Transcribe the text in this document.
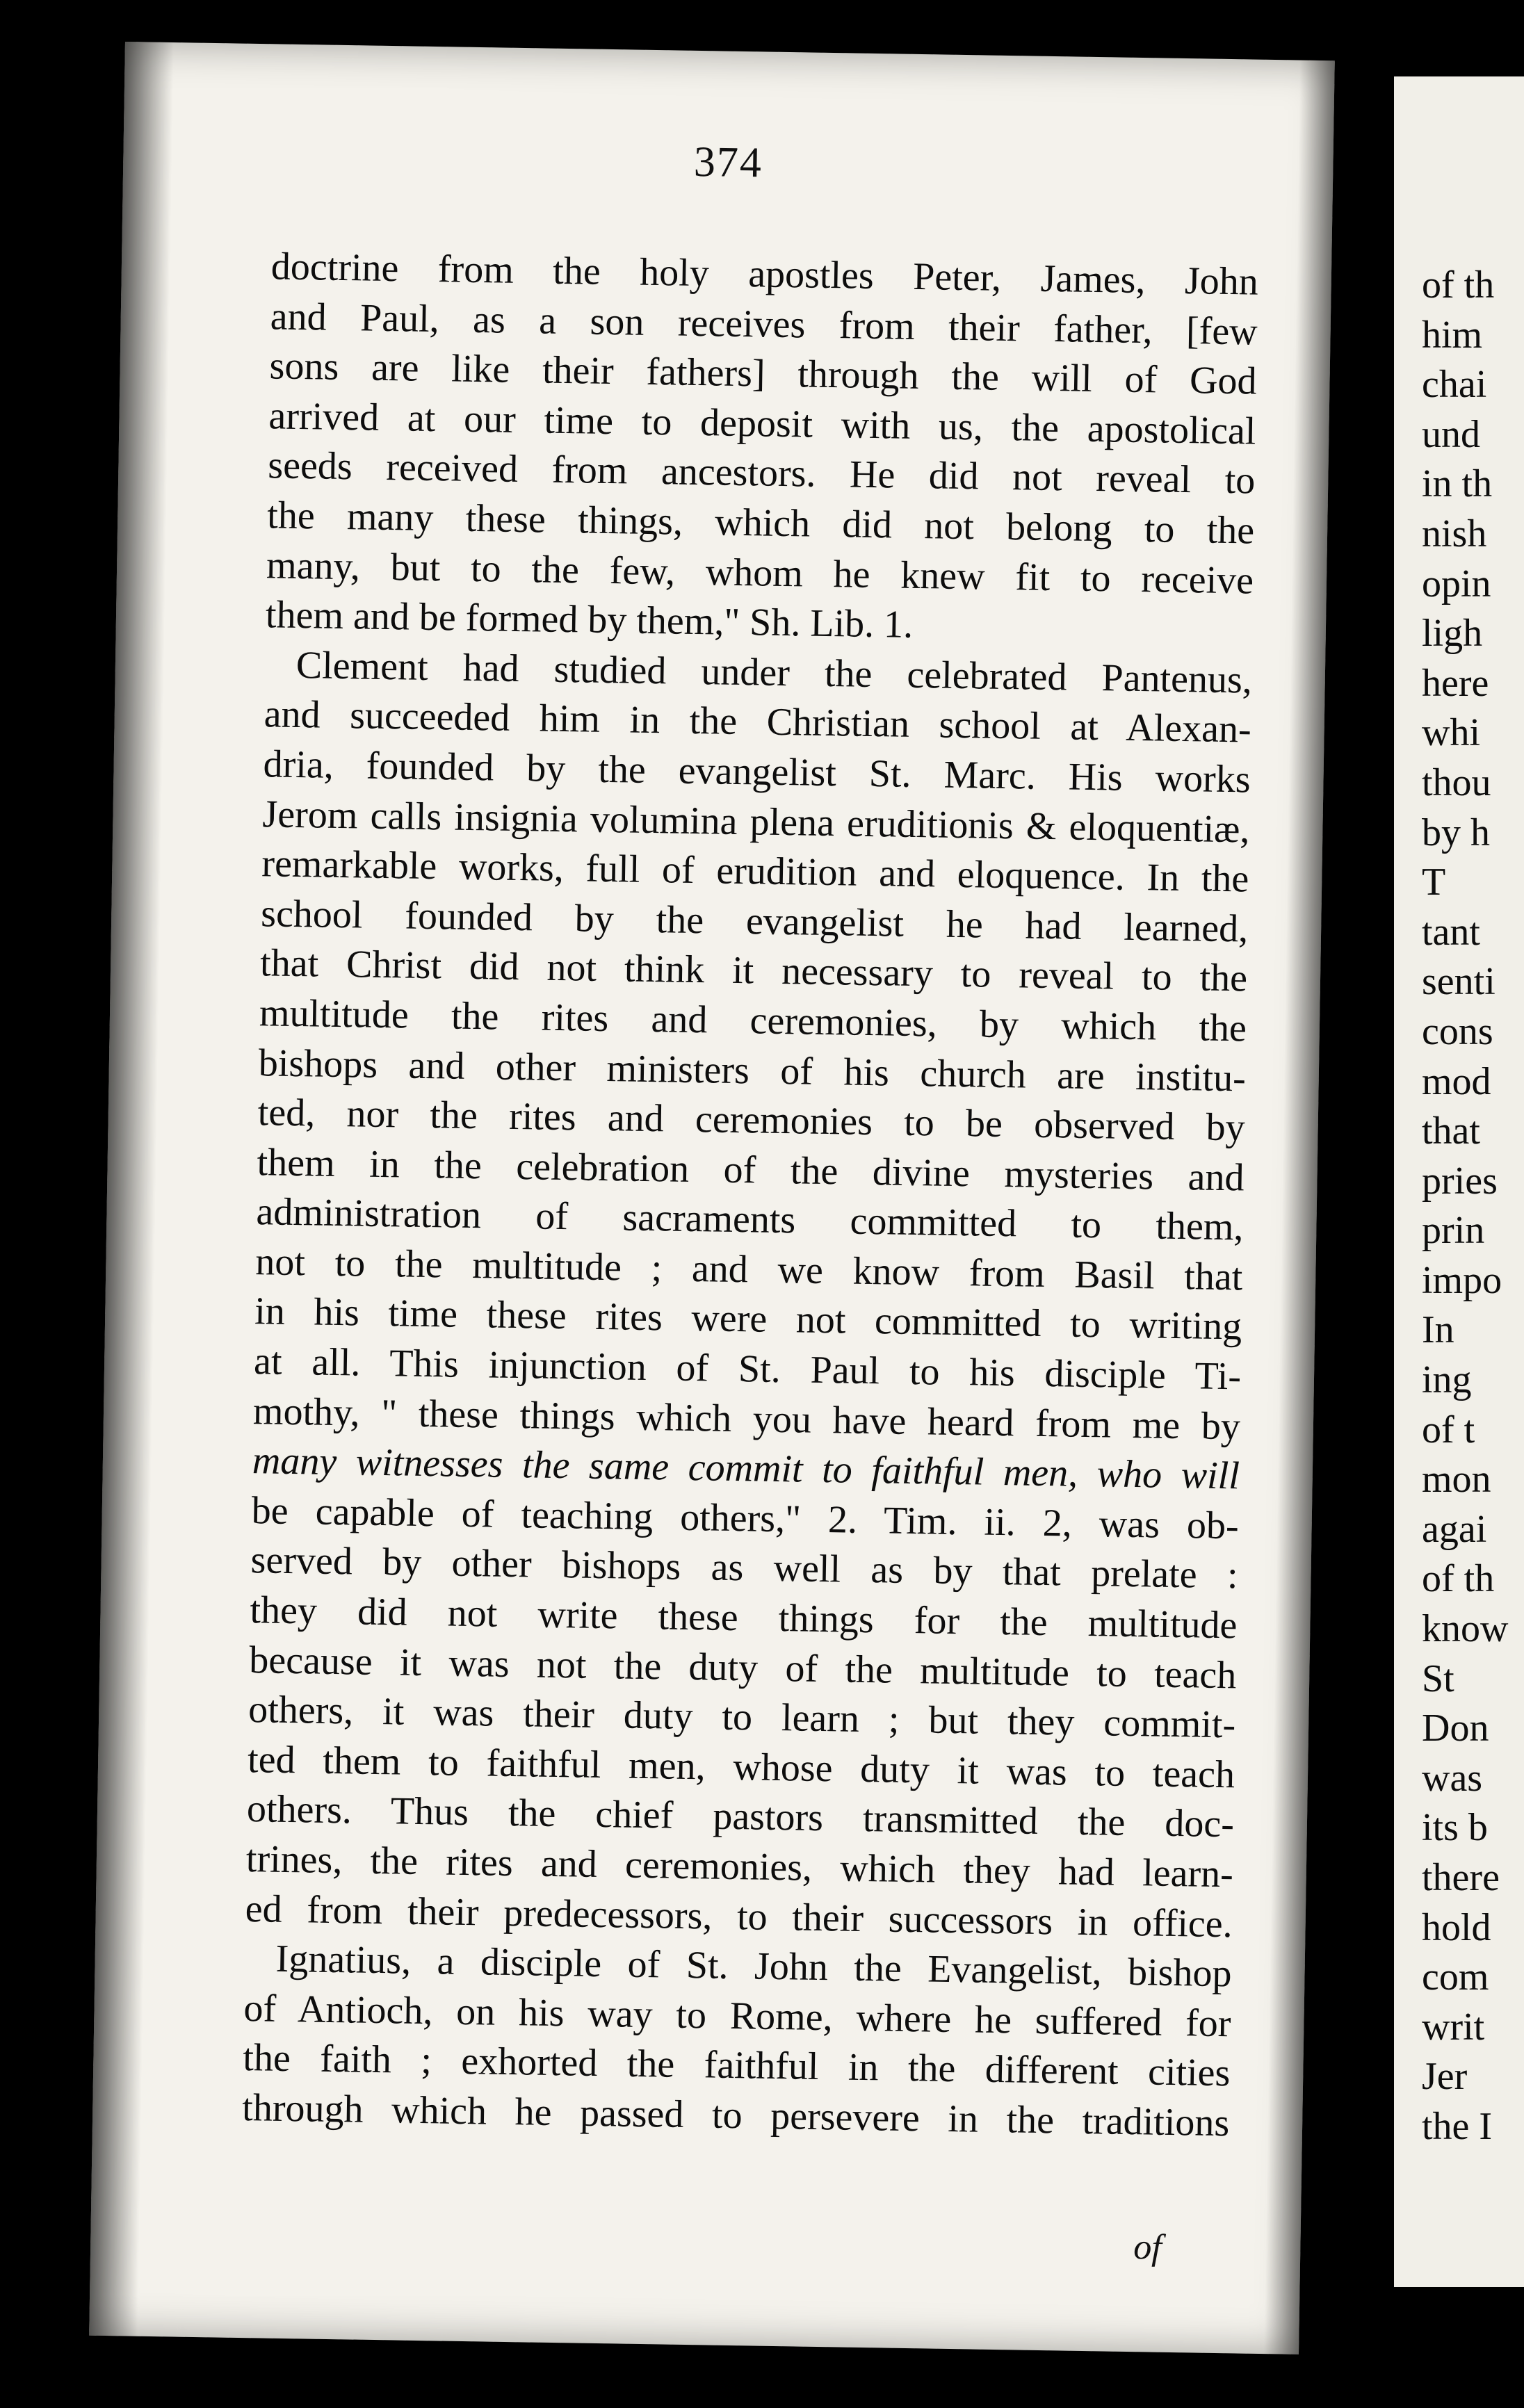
374
doctrine from the holy apostles Peter, James, John
and Paul, as a son receives from their father, [few
sons are like their fathers] through the will of God
arrived at our time to deposit with us, the apostolical
seeds received from ancestors. He did not reveal to
the many these things, which did not belong to the
many, but to the few, whom he knew fit to receive
them and be formed by them," Sh. Lib. 1.
Clement had studied under the celebrated Pantenus,
and succeeded him in the Christian school at Alexan-
dria, founded by the evangelist St. Marc. His works
Jerom calls insignia volumina plena eruditionis & eloquentiæ,
remarkable works, full of erudition and eloquence. In the
school founded by the evangelist he had learned,
that Christ did not think it necessary to reveal to the
multitude the rites and ceremonies, by which the
bishops and other ministers of his church are institu-
ted, nor the rites and ceremonies to be observed by
them in the celebration of the divine mysteries and
administration of sacraments committed to them,
not to the multitude ; and we know from Basil that
in his time these rites were not committed to writing
at all. This injunction of St. Paul to his disciple Ti-
mothy, " these things which you have heard from me by
many witnesses the same commit to faithful men, who will
be capable of teaching others," 2. Tim. ii. 2, was ob-
served by other bishops as well as by that prelate :
they did not write these things for the multitude
because it was not the duty of the multitude to teach
others, it was their duty to learn ; but they commit-
ted them to faithful men, whose duty it was to teach
others. Thus the chief pastors transmitted the doc-
trines, the rites and ceremonies, which they had learn-
ed from their predecessors, to their successors in office.
Ignatius, a disciple of St. John the Evangelist, bishop
of Antioch, on his way to Rome, where he suffered for
the faith ; exhorted the faithful in the different cities
through which he passed to persevere in the traditions
of
of th
him
chai
und
in th
nish
opin
ligh
here
whi
thou
by h
T
tant
senti
cons
mod
that
pries
prin
impo
In
ing
of t
mon
agai
of th
know
St
Don
was
its b
there
hold
com
writ
Jer
the I
